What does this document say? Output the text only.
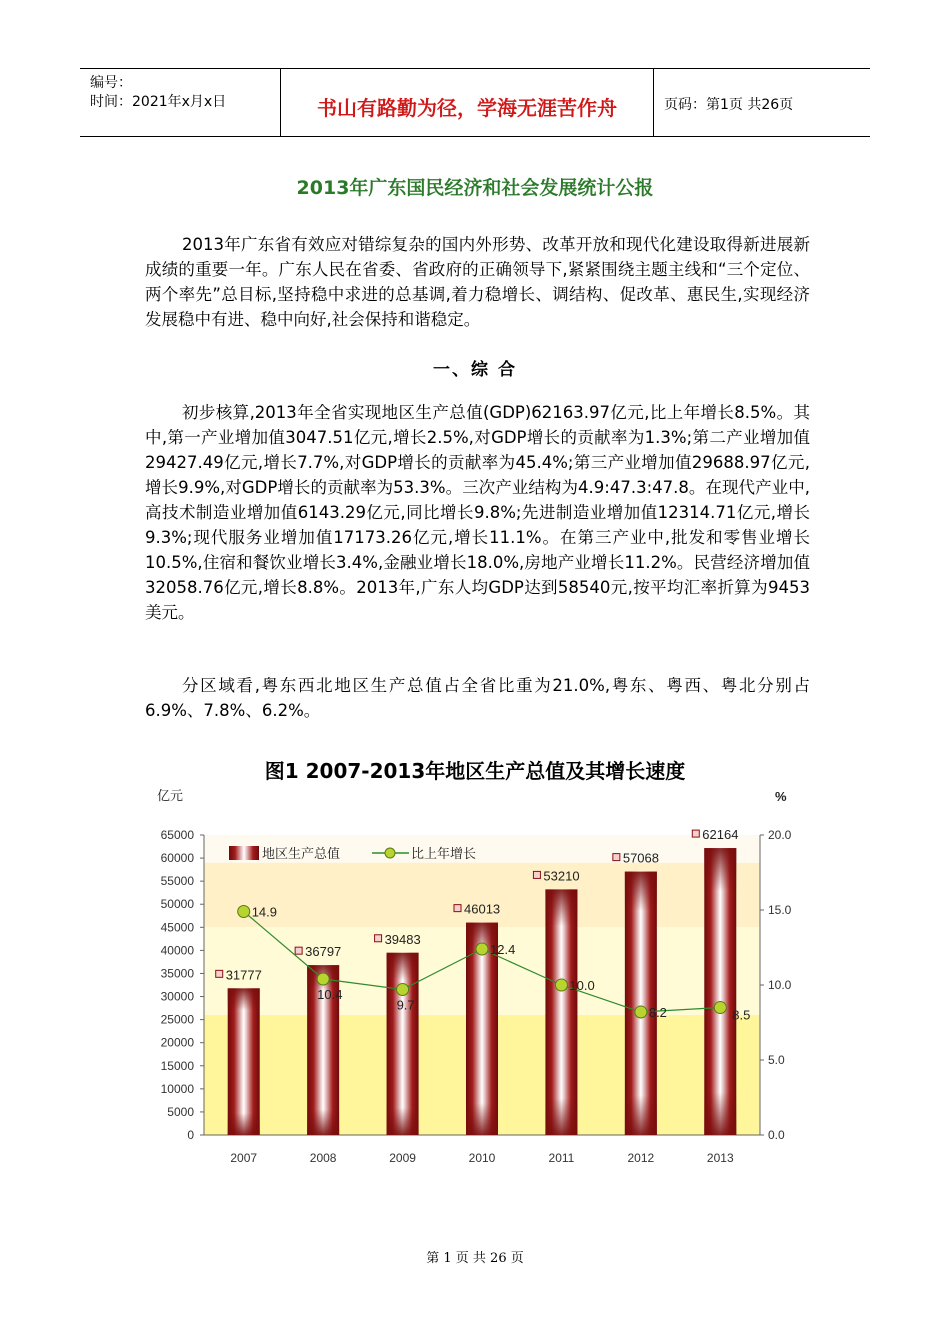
编号：
时间：2021年x月x日	书山有路勤为径，学海无涯苦作舟	页码：第1页 共26页
2013年广东国民经济和社会发展统计公报
2013年广东省有效应对错综复杂的国内外形势、改革开放和现代化建设取得新进展新成绩的重要一年。广东人民在省委、省政府的正确领导下,紧紧围绕主题主线和“三个定位、两个率先”总目标,坚持稳中求进的总基调,着力稳增长、调结构、促改革、惠民生,实现经济发展稳中有进、稳中向好,社会保持和谐稳定。
一、综 合
初步核算,2013年全省实现地区生产总值(GDP)62163.97亿元,比上年增长8.5%。其中,第一产业增加值3047.51亿元,增长2.5%,对GDP增长的贡献率为1.3%;第二产业增加值29427.49亿元,增长7.7%,对GDP增长的贡献率为45.4%;第三产业增加值29688.97亿元,增长9.9%,对GDP增长的贡献率为53.3%。三次产业结构为4.9:47.3:47.8。在现代产业中,高技术制造业增加值6143.29亿元,同比增长9.8%;先进制造业增加值12314.71亿元,增长9.3%;现代服务业增加值17173.26亿元,增长11.1%。在第三产业中,批发和零售业增长10.5%,住宿和餐饮业增长3.4%,金融业增长18.0%,房地产业增长11.2%。民营经济增加值32058.76亿元,增长8.8%。2013年,广东人均GDP达到58540元,按平均汇率折算为9453美元。
分区域看,粤东西北地区生产总值占全省比重为21.0%,粤东、粤西、粤北分别占6.9%、7.8%、6.2%。
图1 2007-2013年地区生产总值及其增长速度
亿元	%
0
5000
10000
15000
20000
25000
30000
35000
40000
45000
50000
55000
60000
65000
0.0
5.0
10.0
15.0
20.0
2007
31777
2008
36797
2009
39483
2010
46013
2011
53210
2012
57068
2013
62164
14.9
10.4
9.7
12.4
10.0
8.2	8.5
地区生产总值	比上年增长
第 1 页 共 26 页
